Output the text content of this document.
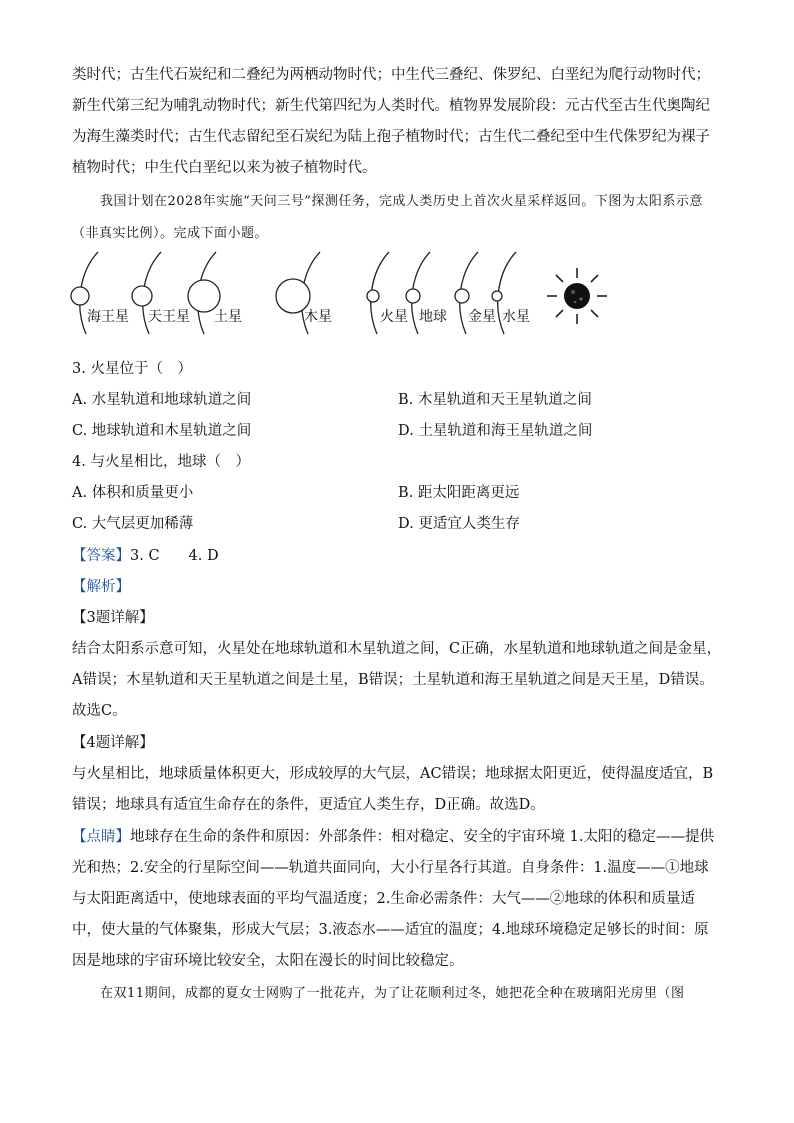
类时代；古生代石炭纪和二叠纪为两栖动物时代；中生代三叠纪、侏罗纪、白垩纪为爬行动物时代；新生代第三纪为哺乳动物时代；新生代第四纪为人类时代。植物界发展阶段：元古代至古生代奥陶纪为海生藻类时代；古生代志留纪至石炭纪为陆上孢子植物时代；古生代二叠纪至中生代侏罗纪为裸子植物时代；中生代白垩纪以来为被子植物时代。

我国计划在2028年实施“天问三号”探测任务，完成人类历史上首次火星采样返回。下图为太阳系示意（非真实比例）。完成下面小题。

海王星 天王星 土星	木星	火星 地球 金星 水星
3. 火星位于（　）
A. 水星轨道和地球轨道之间	B. 木星轨道和天王星轨道之间
C. 地球轨道和木星轨道之间	D. 土星轨道和海王星轨道之间
4. 与火星相比，地球（　）
A. 体积和质量更小	B. 距太阳距离更远
C. 大气层更加稀薄	D. 更适宜人类生存
【答案】3. C　　4. D
【解析】
【3题详解】

结合太阳系示意可知，火星处在地球轨道和木星轨道之间，C正确，水星轨道和地球轨道之间是金星，A错误；木星轨道和天王星轨道之间是土星，B错误；土星轨道和海王星轨道之间是天王星，D错误。故选C。

【4题详解】

与火星相比，地球质量体积更大，形成较厚的大气层，AC错误；地球据太阳更近，使得温度适宜，B错误；地球具有适宜生命存在的条件，更适宜人类生存，D正确。故选D。

【点睛】地球存在生命的条件和原因：外部条件：相对稳定、安全的宇宙环境 1.太阳的稳定——提供光和热；2.安全的行星际空间——轨道共面同向，大小行星各行其道。自身条件：1.温度——①地球与太阳距离适中，使地球表面的平均气温适度；2.生命必需条件：大气——②地球的体积和质量适中，使大量的气体聚集，形成大气层；3.液态水——适宜的温度；4.地球环境稳定足够长的时间：原因是地球的宇宙环境比较安全，太阳在漫长的时间比较稳定。

在双11期间，成都的夏女士网购了一批花卉，为了让花顺利过冬，她把花全种在玻璃阳光房里（图
